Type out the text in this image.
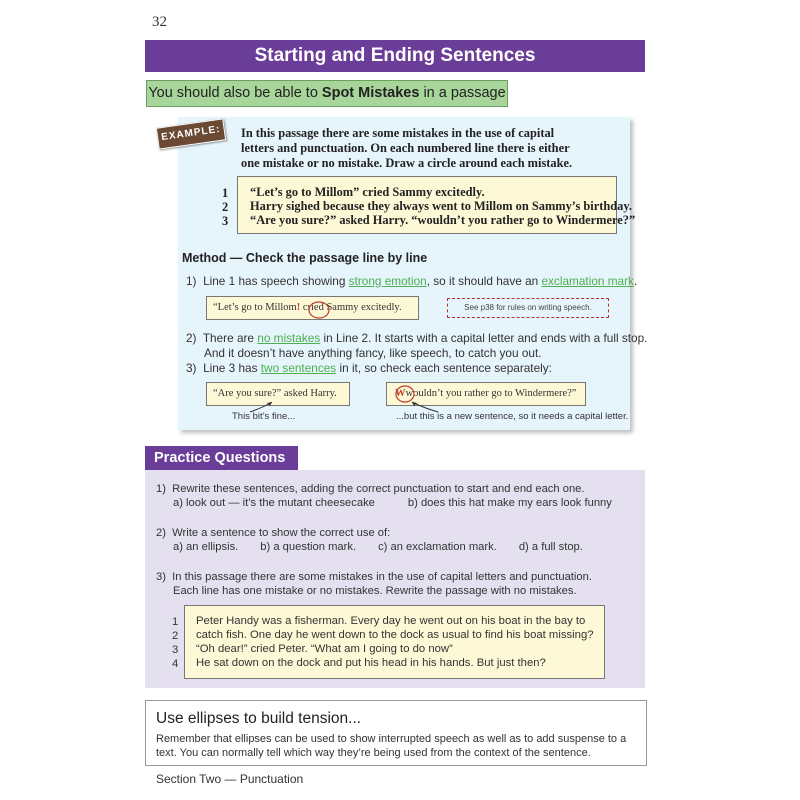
32
Starting and Ending Sentences
You should also be able to Spot Mistakes in a passage
EXAMPLE:	In this passage there are some mistakes in the use of capital
letters and punctuation. On each numbered line there is either
one mistake or no mistake. Draw a circle around each mistake.
1
2
3
“Let’s go to Millom” cried Sammy excitedly.
Harry sighed because they always went to Millom on Sammy’s birthday.
“Are you sure?” asked Harry. “wouldn’t you rather go to Windermere?”
Method — Check the passage line by line
1) Line 1 has speech showing strong emotion, so it should have an exclamation mark.
“Let’s go to Millom! cried Sammy excitedly.	See p38 for rules on writing speech.
2) There are no mistakes in Line 2. It starts with a capital letter and ends with a full stop.
And it doesn’t have anything fancy, like speech, to catch you out.
3) Line 3 has two sentences in it, so check each sentence separately:
“Are you sure?” asked Harry.	Wwouldn’t you rather go to Windermere?”
This bit’s fine...	...but this is a new sentence, so it needs a capital letter.
Practice Questions
1) Rewrite these sentences, adding the correct punctuation to start and end each one.
a) look out — it’s the mutant cheesecake	b) does this hat make my ears look funny
2) Write a sentence to show the correct use of:
a) an ellipsis. b) a question mark. c) an exclamation mark. d) a full stop.
3) In this passage there are some mistakes in the use of capital letters and punctuation.
Each line has one mistake or no mistakes. Rewrite the passage with no mistakes.
1
2
3
4
Peter Handy was a fisherman. Every day he went out on his boat in the bay to
catch fish. One day he went down to the dock as usual to find his boat missing?
“Oh dear!” cried Peter. “What am I going to do now”
He sat down on the dock and put his head in his hands. But just then?
Use ellipses to build tension...
Remember that ellipses can be used to show interrupted speech as well as to add suspense to a
text. You can normally tell which way they’re being used from the context of the sentence.
Section Two — Punctuation
